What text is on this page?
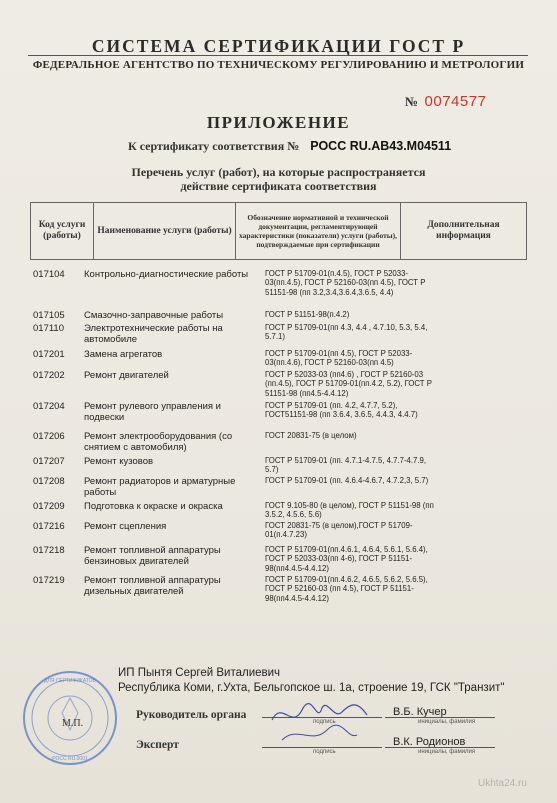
СИСТЕМА СЕРТИФИКАЦИИ ГОСТ Р
ФЕДЕРАЛЬНОЕ АГЕНТСТВО ПО ТЕХНИЧЕСКОМУ РЕГУЛИРОВАНИЮ И МЕТРОЛОГИИ
№ 0074577
ПРИЛОЖЕНИЕ
К сертификату соответствия № РОСС RU.AB43.M04511
Перечень услуг (работ), на которые распространяется
действие сертификата соответствия
Код услуги (работы)
Наименование услуги (работы)
Обозначение нормативной и технической документации, регламентирующей характеристики (показатели) услуги (работы), подтверждаемые при сертификации
Дополнительная информация
017104 Контрольно-диагностические работы	ГОСТ Р 51709-01(п.4.5), ГОСТ Р 52033-03(пп.4.5), ГОСТ Р 52160-03(пп 4.5), ГОСТ Р 51151-98 (пп 3.2,3.4,3.6.4,3.6.5, 4.4)
017105 Смазочно-заправочные работы	ГОСТ Р 51151-98(п.4.2)
017110 Электротехнические работы на автомобиле
ГОСТ Р 51709-01(пп 4.3, 4.4 , 4.7.10, 5.3, 5.4, 5.7.1)
017201 Замена агрегатов	ГОСТ Р 51709-01(пп 4.5), ГОСТ Р 52033-03(пп.4.6), ГОСТ Р 52160-03(пп 4.5)
017202 Ремонт двигателей	ГОСТ Р 52033-03 (пп4.6) , ГОСТ Р 52160-03 (пп.4.5), ГОСТ Р 51709-01(пп.4.2, 5.2), ГОСТ Р 51151-98 (пп4.5-4.4.12)
017204 Ремонт рулевого управления и подвески
ГОСТ Р 51709-01 (пп. 4.2, 4.7.7, 5.2), ГОСТ51151-98 (пп 3.6.4, 3.6.5, 4.4.3, 4.4.7)
017206 Ремонт электрооборудования (со снятием с автомобиля)
ГОСТ 20831-75 (в целом)
017207 Ремонт кузовов	ГОСТ Р 51709-01 (пп. 4.7.1-4.7.5, 4.7.7-4.7.9, 5.7)
017208 Ремонт радиаторов и арматурные работы
ГОСТ Р 51709-01 (пп. 4.6.4-4.6.7, 4.7.2,3, 5.7)
017209 Подготовка к окраске и окраска	ГОСТ 9.105-80 (в целом), ГОСТ Р 51151-98 (пп 3.5.2, 4.5.6, 5.6)
017216 Ремонт сцепления	ГОСТ 20831-75 (в целом),ГОСТ Р 51709-01(п.4.7.23)
017218 Ремонт топливной аппаратуры бензиновых двигателей
ГОСТ Р 51709-01(пп.4.6.1, 4.6.4, 5.6.1, 5.6.4), ГОСТ Р 52033-03(пп 4-6), ГОСТ Р 51151-98(пп4.4.5-4.4.12)
017219 Ремонт топливной аппаратуры дизельных двигателей
ГОСТ Р 51709-01(пп.4.6.2, 4.6.5, 5.6.2, 5.6.5), ГОСТ Р 52160-03 (пп 4.5), ГОСТ Р 51151-98(пп4.4.5-4.4.12)
ИП Пынтя Сергей Виталиевич
Республика Коми, г.Ухта, Бельгопское ш. 1а, строение 19, ГСК "Транзит"
ДЛЯ СЕРТИФИКАТОВ
РОСС RU.0001
М.П.
Руководитель органа
подпись
В.Б. Кучер
инициалы, фамилия
Эксперт
подпись
В.К. Родионов
инициалы, фамилия
Ukhta24.ru
